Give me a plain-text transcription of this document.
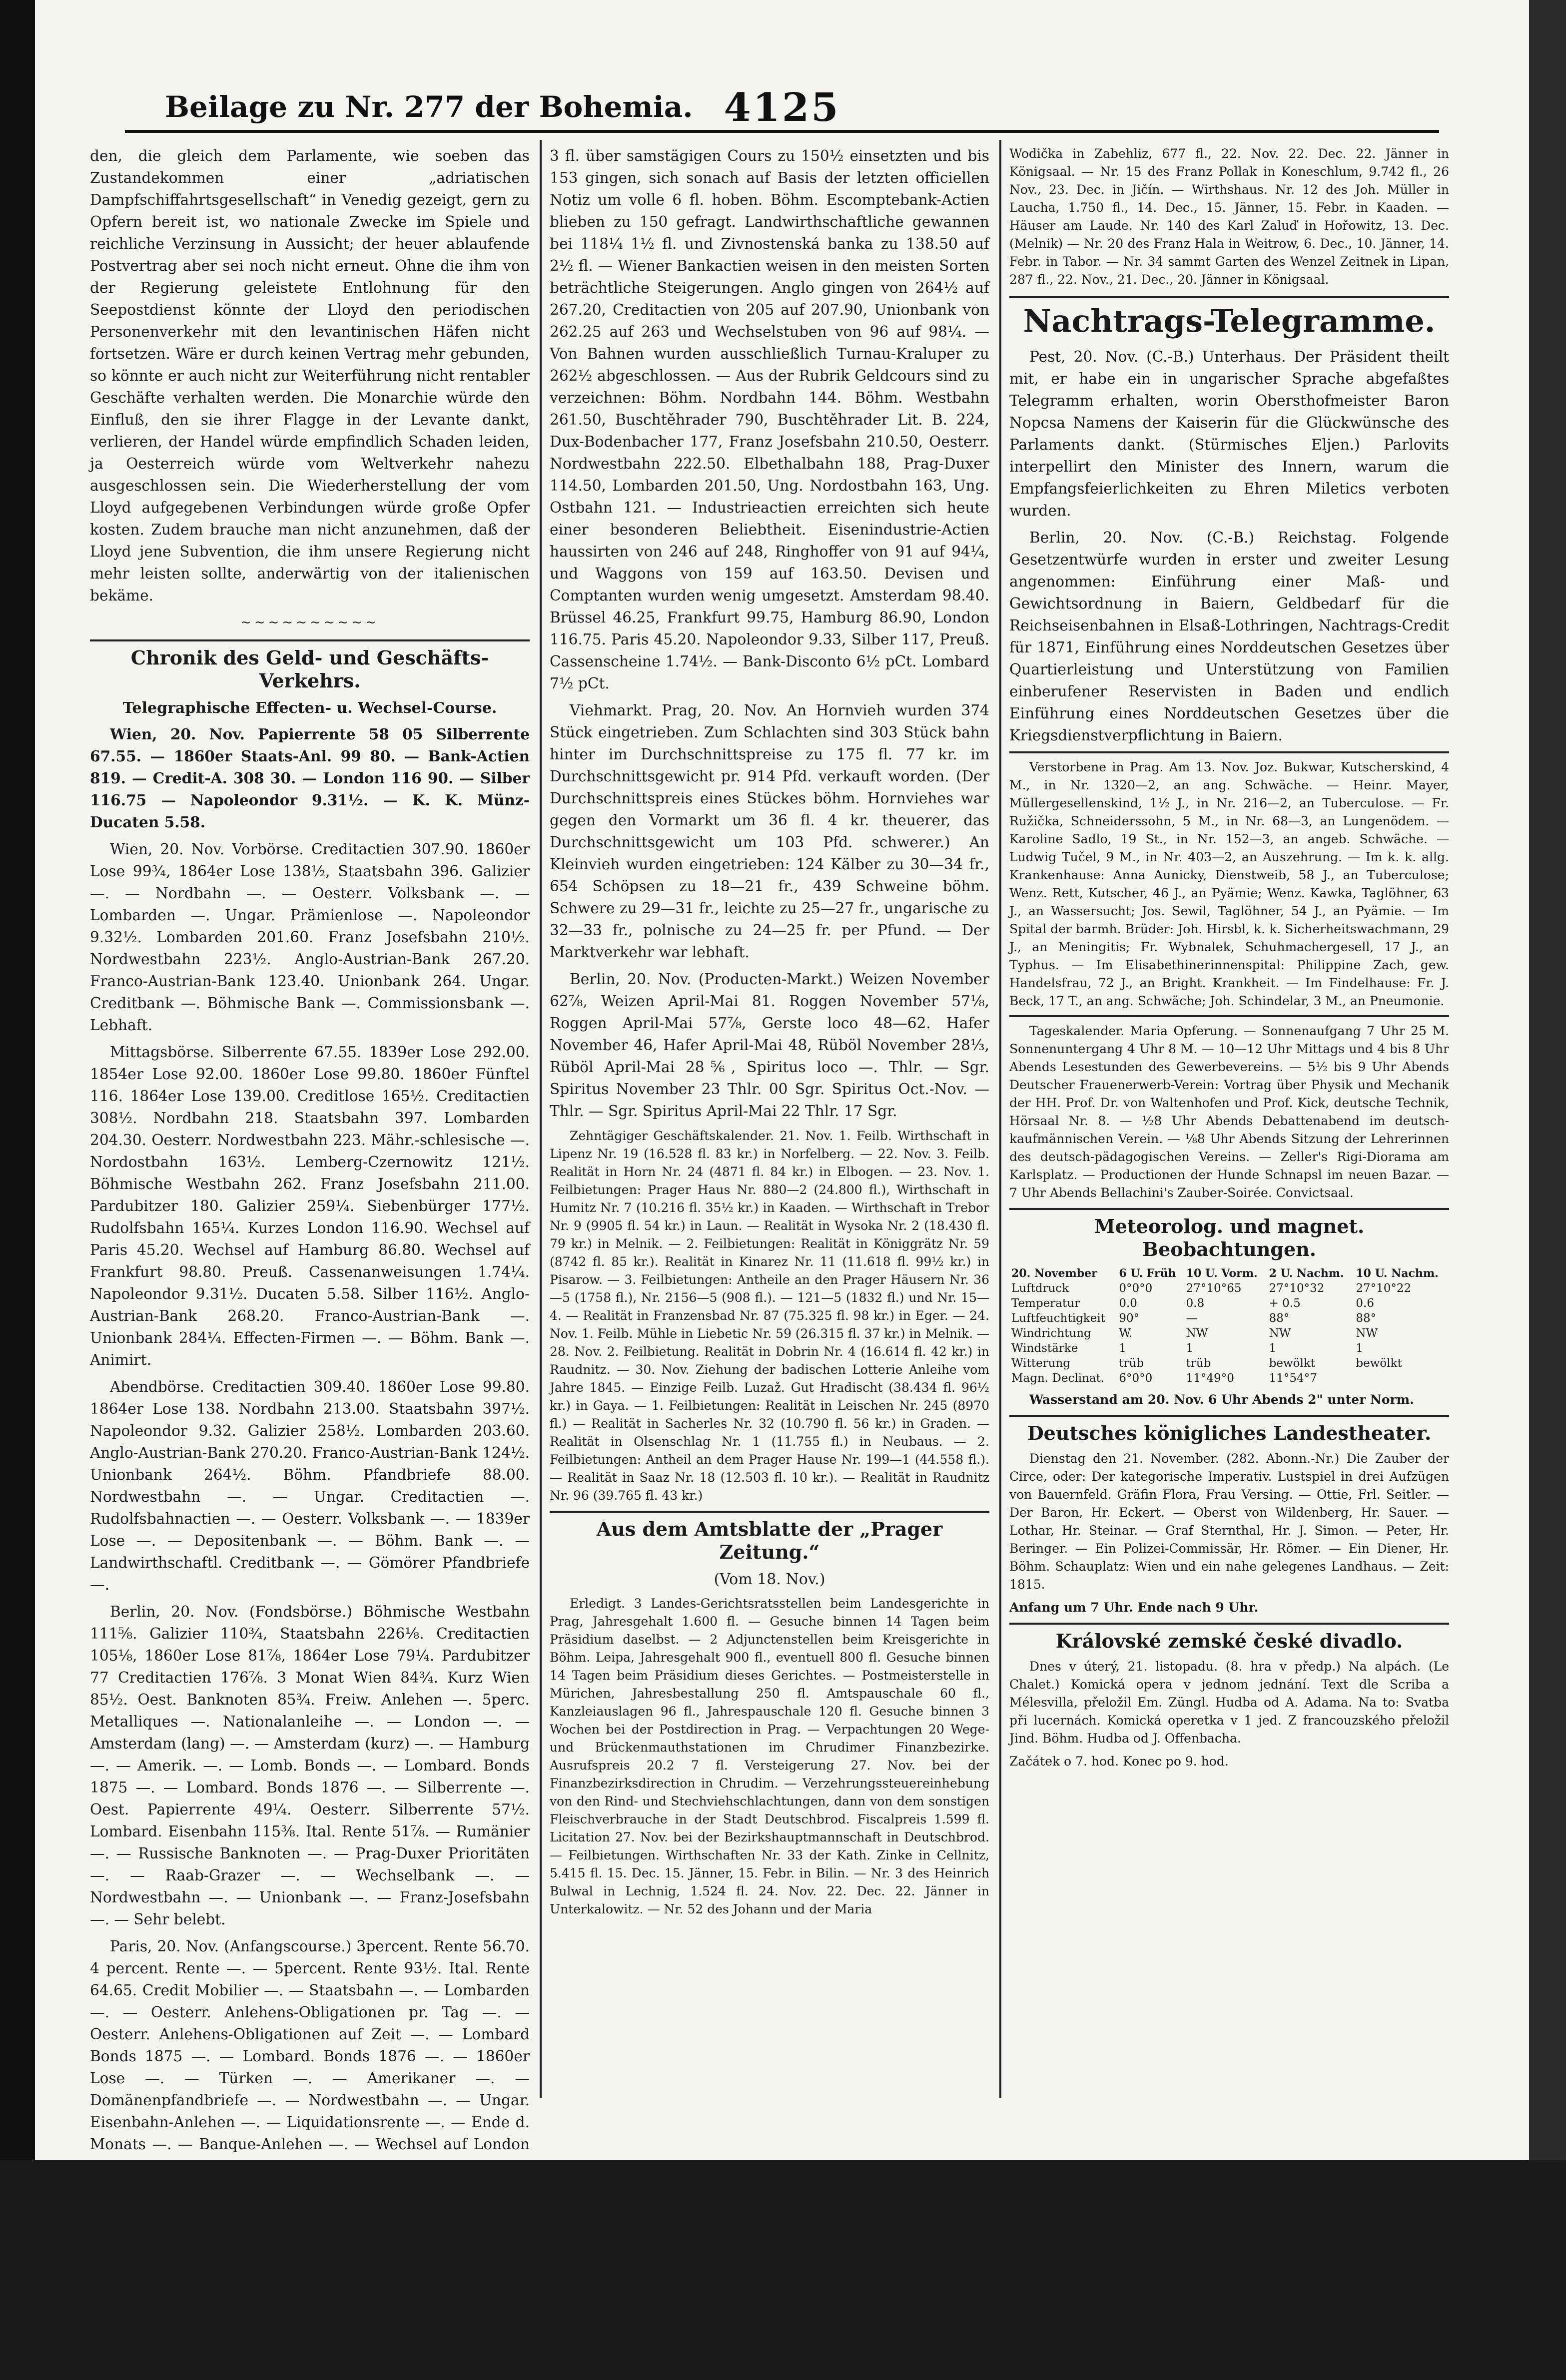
Beilage zu Nr. 277 der Bohemia. 4125

den, die gleich dem Parlamente, wie soeben das Zustandekommen einer „adriatischen Dampfschiffahrtsgesellschaft“ in Venedig gezeigt, gern zu Opfern bereit ist, wo nationale Zwecke im Spiele und reichliche Verzinsung in Aussicht; der heuer ablaufende Postvertrag aber sei noch nicht erneut. Ohne die ihm von der Regierung geleistete Entlohnung für den Seepostdienst könnte der Lloyd den periodischen Personenverkehr mit den levantinischen Häfen nicht fortsetzen. Wäre er durch keinen Vertrag mehr gebunden, so könnte er auch nicht zur Weiterführung nicht rentabler Geschäfte verhalten werden. Die Monarchie würde den Einfluß, den sie ihrer Flagge in der Levante dankt, verlieren, der Handel würde empfindlich Schaden leiden, ja Oesterreich würde vom Weltverkehr nahezu ausgeschlossen sein. Die Wiederherstellung der vom Lloyd aufgegebenen Verbindungen würde große Opfer kosten. Zudem brauche man nicht anzunehmen, daß der Lloyd jene Subvention, die ihm unsere Regierung nicht mehr leisten sollte, anderwärtig von der italienischen bekäme.

~~~~~~~~~~
Chronik des Geld- und Geschäfts-Verkehrs.
Telegraphische Effecten- u. Wechsel-Course.

Wien, 20. Nov. Papierrente 58 05 Silberrente 67.55. — 1860er Staats-Anl. 99 80. — Bank-Actien 819. — Credit-A. 308 30. — London 116 90. — Silber 116.75 — Napoleondor 9.31½. — K. K. Münz-Ducaten 5.58.

Wien, 20. Nov. Vorbörse. Creditactien 307.90. 1860er Lose 99¾, 1864er Lose 138½, Staatsbahn 396. Galizier —. — Nordbahn —. — Oesterr. Volksbank —. — Lombarden —. Ungar. Prämienlose —. Napoleondor 9.32½. Lombarden 201.60. Franz Josefsbahn 210½. Nordwestbahn 223½. Anglo-Austrian-Bank 267.20. Franco-Austrian-Bank 123.40. Unionbank 264. Ungar. Creditbank —. Böhmische Bank —. Commissionsbank —. Lebhaft.

Mittagsbörse. Silberrente 67.55. 1839er Lose 292.00. 1854er Lose 92.00. 1860er Lose 99.80. 1860er Fünftel 116. 1864er Lose 139.00. Creditlose 165½. Creditactien 308½. Nordbahn 218. Staatsbahn 397. Lombarden 204.30. Oesterr. Nordwestbahn 223. Mähr.-schlesische —. Nordostbahn 163½. Lemberg-Czernowitz 121½. Böhmische Westbahn 262. Franz Josefsbahn 211.00. Pardubitzer 180. Galizier 259¼. Siebenbürger 177½. Rudolfsbahn 165¼. Kurzes London 116.90. Wechsel auf Paris 45.20. Wechsel auf Hamburg 86.80. Wechsel auf Frankfurt 98.80. Preuß. Cassenanweisungen 1.74¼. Napoleondor 9.31½. Ducaten 5.58. Silber 116½. Anglo-Austrian-Bank 268.20. Franco-Austrian-Bank —. Unionbank 284¼. Effecten-Firmen —. — Böhm. Bank —. Animirt.

Abendbörse. Creditactien 309.40. 1860er Lose 99.80. 1864er Lose 138. Nordbahn 213.00. Staatsbahn 397½. Napoleondor 9.32. Galizier 258½. Lombarden 203.60. Anglo-Austrian-Bank 270.20. Franco-Austrian-Bank 124½. Unionbank 264½. Böhm. Pfandbriefe 88.00. Nordwestbahn —. — Ungar. Creditactien —. Rudolfsbahnactien —. — Oesterr. Volksbank —. — 1839er Lose —. — Depositenbank —. — Böhm. Bank —. — Landwirthschaftl. Creditbank —. — Gömörer Pfandbriefe —.

Berlin, 20. Nov. (Fondsbörse.) Böhmische Westbahn 111⅝. Galizier 110¾, Staatsbahn 226⅛. Creditactien 105⅛, 1860er Lose 81⅞, 1864er Lose 79¼. Pardubitzer 77 Creditactien 176⅞. 3 Monat Wien 84¾. Kurz Wien 85½. Oest. Banknoten 85¾. Freiw. Anlehen —. 5perc. Metalliques —. Nationalanleihe —. — London —. — Amsterdam (lang) —. — Amsterdam (kurz) —. — Hamburg —. — Amerik. —. — Lomb. Bonds —. — Lombard. Bonds 1875 —. — Lombard. Bonds 1876 —. — Silberrente —. Oest. Papierrente 49¼. Oesterr. Silberrente 57½. Lombard. Eisenbahn 115⅜. Ital. Rente 51⅞. — Rumänier —. — Russische Banknoten —. — Prag-Duxer Prioritäten —. — Raab-Grazer —. — Wechselbank —. — Nordwestbahn —. — Unionbank —. — Franz-Josefsbahn —. — Sehr belebt.

Paris, 20. Nov. (Anfangscourse.) 3percent. Rente 56.70. 4 percent. Rente —. — 5percent. Rente 93½. Ital. Rente 64.65. Credit Mobilier —. — Staatsbahn —. — Lombarden —. — Oesterr. Anlehens-Obligationen pr. Tag —. — Oesterr. Anlehens-Obligationen auf Zeit —. — Lombard Bonds 1875 —. — Lombard. Bonds 1876 —. — 1860er Lose —. — Türken —. — Amerikaner —. — Domänenpfandbriefe —. — Nordwestbahn —. — Ungar. Eisenbahn-Anlehen —. — Liquidationsrente —. — Ende d. Monats —. — Banque-Anlehen —. — Wechsel auf London —.

K. Prager Börse, 20. November. Der heutige Börsenverkehr bewegte sich unter der ersteinzeichnenden und beliebtesten der letzten Periode. Werthe, die sonst um ⅛ oder ¼ fl. variiren, zeigten die Contocourse-Stellungen noch ebenmäßig. Nur ebenso zeigten die Notirungen für viele zur Zeit weniger begehrter Industrie-Actien, die aber als beliebt gelten, keine beträchtliche Avance an. — Auf den Verkehr eingehend, haben wir zu berichten, daß die Actien

3 fl. über samstägigen Cours zu 150½ einsetzten und bis 153 gingen, sich sonach auf Basis der letzten officiellen Notiz um volle 6 fl. hoben. Böhm. Escomptebank-Actien blieben zu 150 gefragt. Landwirthschaftliche gewannen bei 118¼ 1½ fl. und Zivnostenská banka zu 138.50 auf 2½ fl. — Wiener Bankactien weisen in den meisten Sorten beträchtliche Steigerungen. Anglo gingen von 264½ auf 267.20, Creditactien von 205 auf 207.90, Unionbank von 262.25 auf 263 und Wechselstuben von 96 auf 98¼. — Von Bahnen wurden ausschließlich Turnau-Kraluper zu 262½ abgeschlossen. — Aus der Rubrik Geldcours sind zu verzeichnen: Böhm. Nordbahn 144. Böhm. Westbahn 261.50, Buschtěhrader 790, Buschtěhrader Lit. B. 224, Dux-Bodenbacher 177, Franz Josefsbahn 210.50, Oesterr. Nordwestbahn 222.50. Elbethalbahn 188, Prag-Duxer 114.50, Lombarden 201.50, Ung. Nordostbahn 163, Ung. Ostbahn 121. — Industrieactien erreichten sich heute einer besonderen Beliebtheit. Eisenindustrie-Actien haussirten von 246 auf 248, Ringhoffer von 91 auf 94¼, und Waggons von 159 auf 163.50. Devisen und Comptanten wurden wenig umgesetzt. Amsterdam 98.40. Brüssel 46.25, Frankfurt 99.75, Hamburg 86.90, London 116.75. Paris 45.20. Napoleondor 9.33, Silber 117, Preuß. Cassenscheine 1.74½. — Bank-Disconto 6½ pCt. Lombard 7½ pCt.

Viehmarkt. Prag, 20. Nov. An Hornvieh wurden 374 Stück eingetrieben. Zum Schlachten sind 303 Stück bahn hinter im Durchschnittspreise zu 175 fl. 77 kr. im Durchschnittsgewicht pr. 914 Pfd. verkauft worden. (Der Durchschnittspreis eines Stückes böhm. Hornviehes war gegen den Vormarkt um 36 fl. 4 kr. theuerer, das Durchschnittsgewicht um 103 Pfd. schwerer.) An Kleinvieh wurden eingetrieben: 124 Kälber zu 30—34 fr., 654 Schöpsen zu 18—21 fr., 439 Schweine böhm. Schwere zu 29—31 fr., leichte zu 25—27 fr., ungarische zu 32—33 fr., polnische zu 24—25 fr. per Pfund. — Der Marktverkehr war lebhaft.

Berlin, 20. Nov. (Producten-Markt.) Weizen November 62⅞, Weizen April-Mai 81. Roggen November 57⅛, Roggen April-Mai 57⅞, Gerste loco 48—62. Hafer November 46, Hafer April-Mai 48, Rüböl November 28⅓, Rüböl April-Mai 28⅚, Spiritus loco —. Thlr. — Sgr. Spiritus November 23 Thlr. 00 Sgr. Spiritus Oct.-Nov. — Thlr. — Sgr. Spiritus April-Mai 22 Thlr. 17 Sgr.

Zehntägiger Geschäftskalender. 21. Nov. 1. Feilb. Wirthschaft in Lipenz Nr. 19 (16.528 fl. 83 kr.) in Norfelberg. — 22. Nov. 3. Feilb. Realität in Horn Nr. 24 (4871 fl. 84 kr.) in Elbogen. — 23. Nov. 1. Feilbietungen: Prager Haus Nr. 880—2 (24.800 fl.), Wirthschaft in Humitz Nr. 7 (10.216 fl. 35½ kr.) in Kaaden. — Wirthschaft in Trebor Nr. 9 (9905 fl. 54 kr.) in Laun. — Realität in Wysoka Nr. 2 (18.430 fl. 79 kr.) in Melnik. — 2. Feilbietungen: Realität in Königgrätz Nr. 59 (8742 fl. 85 kr.). Realität in Kinarez Nr. 11 (11.618 fl. 99½ kr.) in Pisarow. — 3. Feilbietungen: Antheile an den Prager Häusern Nr. 36—5 (1758 fl.), Nr. 2156—5 (908 fl.). — 121—5 (1832 fl.) und Nr. 15—4. — Realität in Franzensbad Nr. 87 (75.325 fl. 98 kr.) in Eger. — 24. Nov. 1. Feilb. Mühle in Liebetic Nr. 59 (26.315 fl. 37 kr.) in Melnik. — 28. Nov. 2. Feilbietung. Realität in Dobrin Nr. 4 (16.614 fl. 42 kr.) in Raudnitz. — 30. Nov. Ziehung der badischen Lotterie Anleihe vom Jahre 1845. — Einzige Feilb. Luzaž. Gut Hradischt (38.434 fl. 96½ kr.) in Gaya. — 1. Feilbietungen: Realität in Leischen Nr. 245 (8970 fl.) — Realität in Sacherles Nr. 32 (10.790 fl. 56 kr.) in Graden. — Realität in Olsenschlag Nr. 1 (11.755 fl.) in Neubaus. — 2. Feilbietungen: Antheil an dem Prager Hause Nr. 199—1 (44.558 fl.). — Realität in Saaz Nr. 18 (12.503 fl. 10 kr.). — Realität in Raudnitz Nr. 96 (39.765 fl. 43 kr.)

Aus dem Amtsblatte der „Prager Zeitung.“
(Vom 18. Nov.)

Erledigt. 3 Landes-Gerichtsratsstellen beim Landesgerichte in Prag, Jahresgehalt 1.600 fl. — Gesuche binnen 14 Tagen beim Präsidium daselbst. — 2 Adjunctenstellen beim Kreisgerichte in Böhm. Leipa, Jahresgehalt 900 fl., eventuell 800 fl. Gesuche binnen 14 Tagen beim Präsidium dieses Gerichtes. — Postmeisterstelle in Mürichen, Jahresbestallung 250 fl. Amtspauschale 60 fl., Kanzleiauslagen 96 fl., Jahrespauschale 120 fl. Gesuche binnen 3 Wochen bei der Postdirection in Prag. — Verpachtungen 20 Wege- und Brückenmauthstationen im Chrudimer Finanzbezirke. Ausrufspreis 20.2 7 fl. Versteigerung 27. Nov. bei der Finanzbezirksdirection in Chrudim. — Verzehrungssteuereinhebung von den Rind- und Stechviehschlachtungen, dann von dem sonstigen Fleischverbrauche in der Stadt Deutschbrod. Fiscalpreis 1.599 fl. Licitation 27. Nov. bei der Bezirkshauptmannschaft in Deutschbrod. — Feilbietungen. Wirthschaften Nr. 33 der Kath. Zinke in Cellnitz, 5.415 fl. 15. Dec. 15. Jänner, 15. Febr. in Bilin. — Nr. 3 des Heinrich Bulwal in Lechnig, 1.524 fl. 24. Nov. 22. Dec. 22. Jänner in Unterkalowitz. — Nr. 52 des Johann und der Maria

Wodička in Zabehliz, 677 fl., 22. Nov. 22. Dec. 22. Jänner in Königsaal. — Nr. 15 des Franz Pollak in Koneschlum, 9.742 fl., 26 Nov., 23. Dec. in Jičín. — Wirthshaus. Nr. 12 des Joh. Müller in Laucha, 1.750 fl., 14. Dec., 15. Jänner, 15. Febr. in Kaaden. — Häuser am Laude. Nr. 140 des Karl Zaluď in Hořowitz, 13. Dec. (Melnik) — Nr. 20 des Franz Hala in Weitrow, 6. Dec., 10. Jänner, 14. Febr. in Tabor. — Nr. 34 sammt Garten des Wenzel Zeitnek in Lipan, 287 fl., 22. Nov., 21. Dec., 20. Jänner in Königsaal.

Nachtrags-Telegramme.

Pest, 20. Nov. (C.-B.) Unterhaus. Der Präsident theilt mit, er habe ein in ungarischer Sprache abgefaßtes Telegramm erhalten, worin Obersthofmeister Baron Nopcsa Namens der Kaiserin für die Glückwünsche des Parlaments dankt. (Stürmisches Eljen.) Parlovits interpellirt den Minister des Innern, warum die Empfangsfeierlichkeiten zu Ehren Miletics verboten wurden.

Berlin, 20. Nov. (C.-B.) Reichstag. Folgende Gesetzentwürfe wurden in erster und zweiter Lesung angenommen: Einführung einer Maß- und Gewichtsordnung in Baiern, Geldbedarf für die Reichseisenbahnen in Elsaß-Lothringen, Nachtrags-Credit für 1871, Einführung eines Norddeutschen Gesetzes über Quartierleistung und Unterstützung von Familien einberufener Reservisten in Baden und endlich Einführung eines Norddeutschen Gesetzes über die Kriegsdienstverpflichtung in Baiern.

Verstorbene in Prag. Am 13. Nov. Joz. Bukwar, Kutscherskind, 4 M., in Nr. 1320—2, an ang. Schwäche. — Heinr. Mayer, Müllergesellenskind, 1½ J., in Nr. 216—2, an Tuberculose. — Fr. Ružička, Schneiderssohn, 5 M., in Nr. 68—3, an Lungenödem. — Karoline Sadlo, 19 St., in Nr. 152—3, an angeb. Schwäche. — Ludwig Tučel, 9 M., in Nr. 403—2, an Auszehrung. — Im k. k. allg. Krankenhause: Anna Aunicky, Dienstweib, 58 J., an Tuberculose; Wenz. Rett, Kutscher, 46 J., an Pyämie; Wenz. Kawka, Taglöhner, 63 J., an Wassersucht; Jos. Sewil, Taglöhner, 54 J., an Pyämie. — Im Spital der barmh. Brüder: Joh. Hirsbl, k. k. Sicherheitswachmann, 29 J., an Meningitis; Fr. Wybnalek, Schuhmachergesell, 17 J., an Typhus. — Im Elisabethinerinnenspital: Philippine Zach, gew. Handelsfrau, 72 J., an Bright. Krankheit. — Im Findelhause: Fr. J. Beck, 17 T., an ang. Schwäche; Joh. Schindelar, 3 M., an Pneumonie.

Tageskalender. Maria Opferung. — Sonnenaufgang 7 Uhr 25 M. Sonnenuntergang 4 Uhr 8 M. — 10—12 Uhr Mittags und 4 bis 8 Uhr Abends Lesestunden des Gewerbevereins. — 5½ bis 9 Uhr Abends Deutscher Frauenerwerb-Verein: Vortrag über Physik und Mechanik der HH. Prof. Dr. von Waltenhofen und Prof. Kick, deutsche Technik, Hörsaal Nr. 8. — ½8 Uhr Abends Debattenabend im deutsch-kaufmännischen Verein. — ⅛8 Uhr Abends Sitzung der Lehrerinnen des deutsch-pädagogischen Vereins. — Zeller's Rigi-Diorama am Karlsplatz. — Productionen der Hunde Schnapsl im neuen Bazar. — 7 Uhr Abends Bellachini's Zauber-Soirée. Convictsaal.

Meteorolog. und magnet. Beobachtungen.
20. November	6 U. Früh	10 U. Vorm.	2 U. Nachm.	10 U. Nachm.
Luftdruck	0°0°0	27°10°65	27°10°32	27°10°22
Temperatur	0.0	0.8	+ 0.5	0.6
Luftfeuchtigkeit	90°	—	88°	88°
Windrichtung	W.	NW	NW	NW
Windstärke	1	1	1	1
Witterung	trüb	trüb	bewölkt	bewölkt
Magn. Declinat.	6°0°0	11°49°0	11°54°7	

Wasserstand am 20. Nov. 6 Uhr Abends 2" unter Norm.

Deutsches königliches Landestheater.

Dienstag den 21. November. (282. Abonn.-Nr.) Die Zauber der Circe, oder: Der kategorische Imperativ. Lustspiel in drei Aufzügen von Bauernfeld. Gräfin Flora, Frau Versing. — Ottie, Frl. Seitler. — Der Baron, Hr. Eckert. — Oberst von Wildenberg, Hr. Sauer. — Lothar, Hr. Steinar. — Graf Sternthal, Hr. J. Simon. — Peter, Hr. Beringer. — Ein Polizei-Commissär, Hr. Römer. — Ein Diener, Hr. Böhm. Schauplatz: Wien und ein nahe gelegenes Landhaus. — Zeit: 1815.

Anfang um 7 Uhr. Ende nach 9 Uhr.

Královské zemské české divadlo.

Dnes v úterý, 21. listopadu. (8. hra v předp.) Na alpách. (Le Chalet.) Komická opera v jednom jednání. Text dle Scriba a Mélesvilla, přeložil Em. Züngl. Hudba od A. Adama. Na to: Svatba při lucernách. Komická operetka v 1 jed. Z francouzského přeložil Jind. Böhm. Hudba od J. Offenbacha.

Začátek o 7. hod. Konec po 9. hod.
